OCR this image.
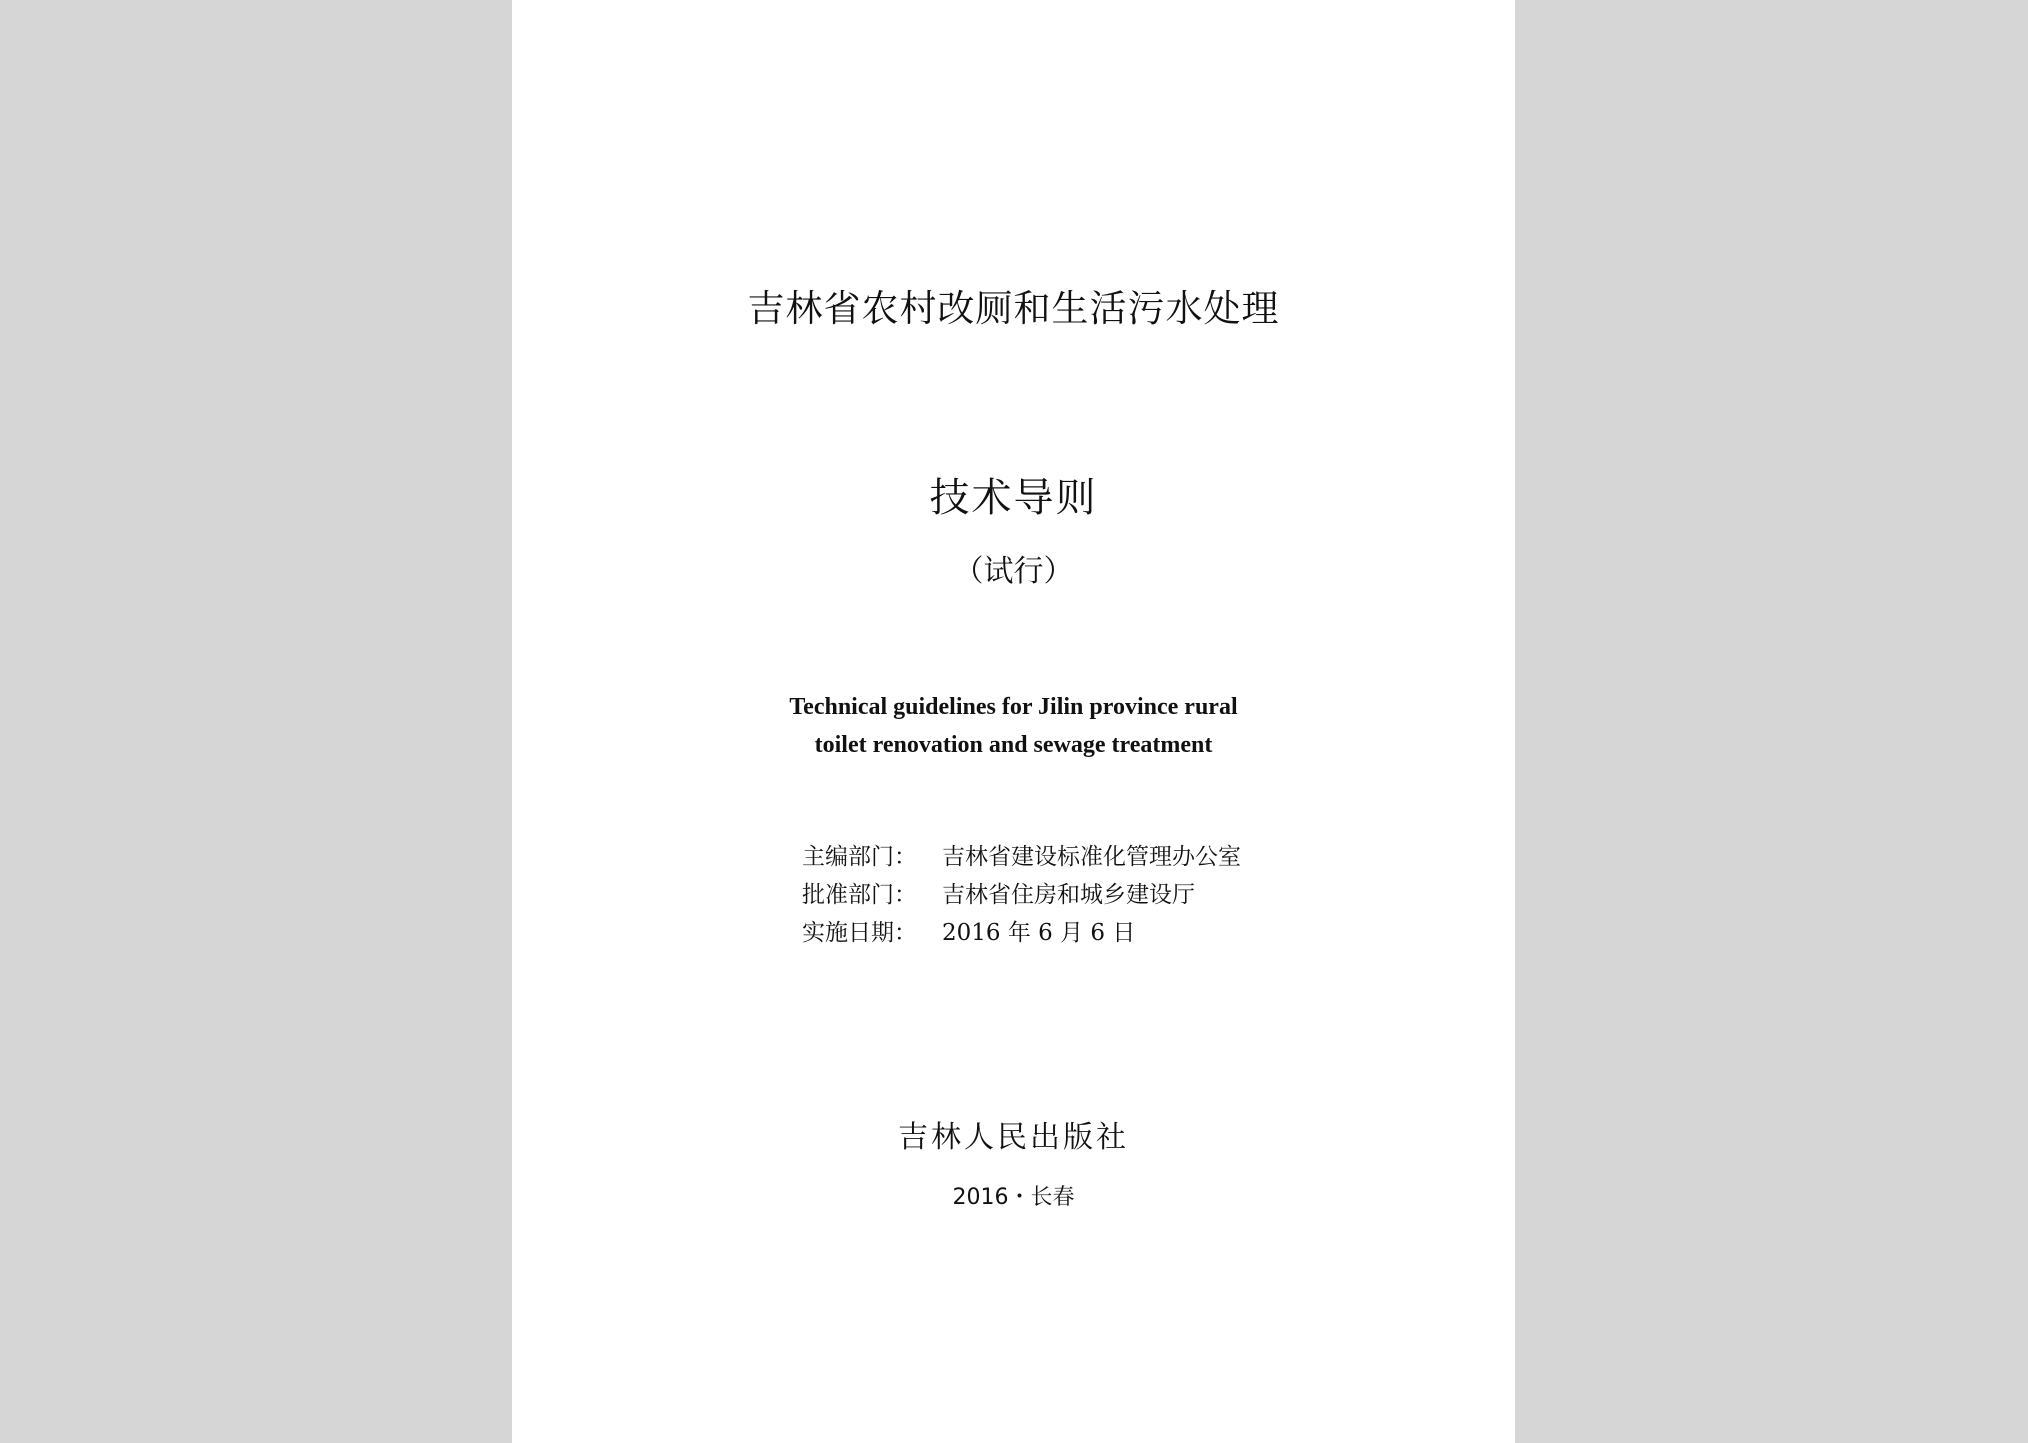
吉林省农村改厕和生活污水处理
技术导则
（试行）
Technical guidelines for Jilin province rural
toilet renovation and sewage treatment
主编部门： 吉林省建设标准化管理办公室
批准部门： 吉林省住房和城乡建设厅
实施日期： 2016 年 6 月 6 日
吉林人民出版社
2016・长春
